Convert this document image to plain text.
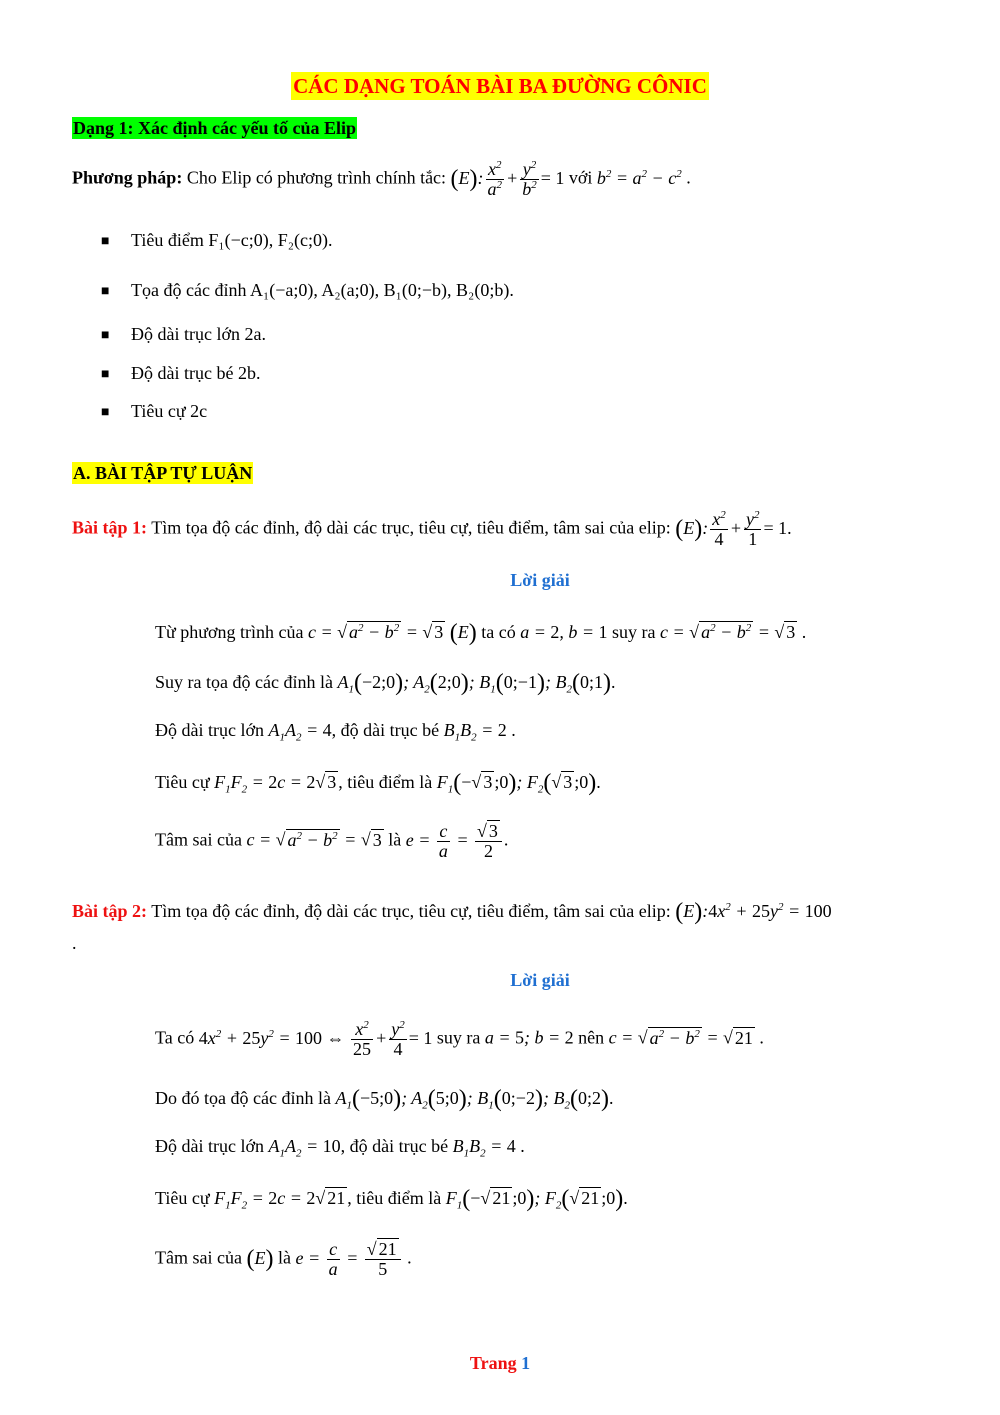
CÁC DẠNG TOÁN BÀI BA ĐƯỜNG CÔNIC
Dạng 1: Xác định các yếu tố của Elip
Phương pháp: Cho Elip có phương trình chính tắc: (E): $\frac{x^2}{a^2} + \frac{y^2}{b^2} = 1$ với $b^2 = a^2 - c^2$ .
■ Tiêu điểm F₁(−c;0), F₂(c;0).
■ Tọa độ các đỉnh A₁(−a;0), A₂(a;0), B₁(0;−b), B₂(0;b).
■ Độ dài trục lớn 2a.
■ Độ dài trục bé 2b.
■ Tiêu cự 2c
A. BÀI TẬP TỰ LUẬN
Bài tập 1: Tìm tọa độ các đỉnh, độ dài các trục, tiêu cự, tiêu điểm, tâm sai của elip: (E): $\frac{x^2}{4} + \frac{y^2}{1} = 1$.
Lời giải
Từ phương trình của c = √ $a^2 - b^2$ = √ 3 (E) ta có a = 2, b = 1 suy ra c = √ $a^2 - b^2$ = √ 3 .
Suy ra tọa độ các đỉnh là $A_1(-2;0)$; $A_2(2;0)$; $B_1(0;-1)$; $B_2(0;1)$.
Độ dài trục lớn $A_1A_2 = 4$, độ dài trục bé $B_1B_2 = 2$ .
Tiêu cự $F_1F_2 = 2c = 2√$ 3 , tiêu điểm là $F_1(-√$ 3 ;0); $F_2(√$ 3 ;0).
Tâm sai của c = √ $a^2 - b^2$ = √ 3 là $e = \frac{c}{a} = \frac{√ 3}{2}$ .
Bài tập 2: Tìm tọa độ các đỉnh, độ dài các trục, tiêu cự, tiêu điểm, tâm sai của elip: $(E):4x^2 + 25y^2 = 100$
.
Lời giải
Ta có $4x^2 + 25y^2 = 100$ ⇔ $\frac{x^2}{25} + \frac{y^2}{4} = 1$ suy ra a = 5; b = 2 nên c = √ $a^2 - b^2$ = √ 21 .
Do đó tọa độ các đỉnh là $A_1(-5;0)$; $A_2(5;0)$; $B_1(0;-2)$; $B_2(0;2)$.
Độ dài trục lớn $A_1A_2 = 10$, độ dài trục bé $B_1B_2 = 4$ .
Tiêu cự $F_1F_2 = 2c = 2√$ 21 , tiêu điểm là $F_1(-√$ 21 ;0); $F_2(√$ 21 ;0).
Tâm sai của (E) là $e = \frac{c}{a} = \frac{√ 21}{5}$ .
Trang 1
